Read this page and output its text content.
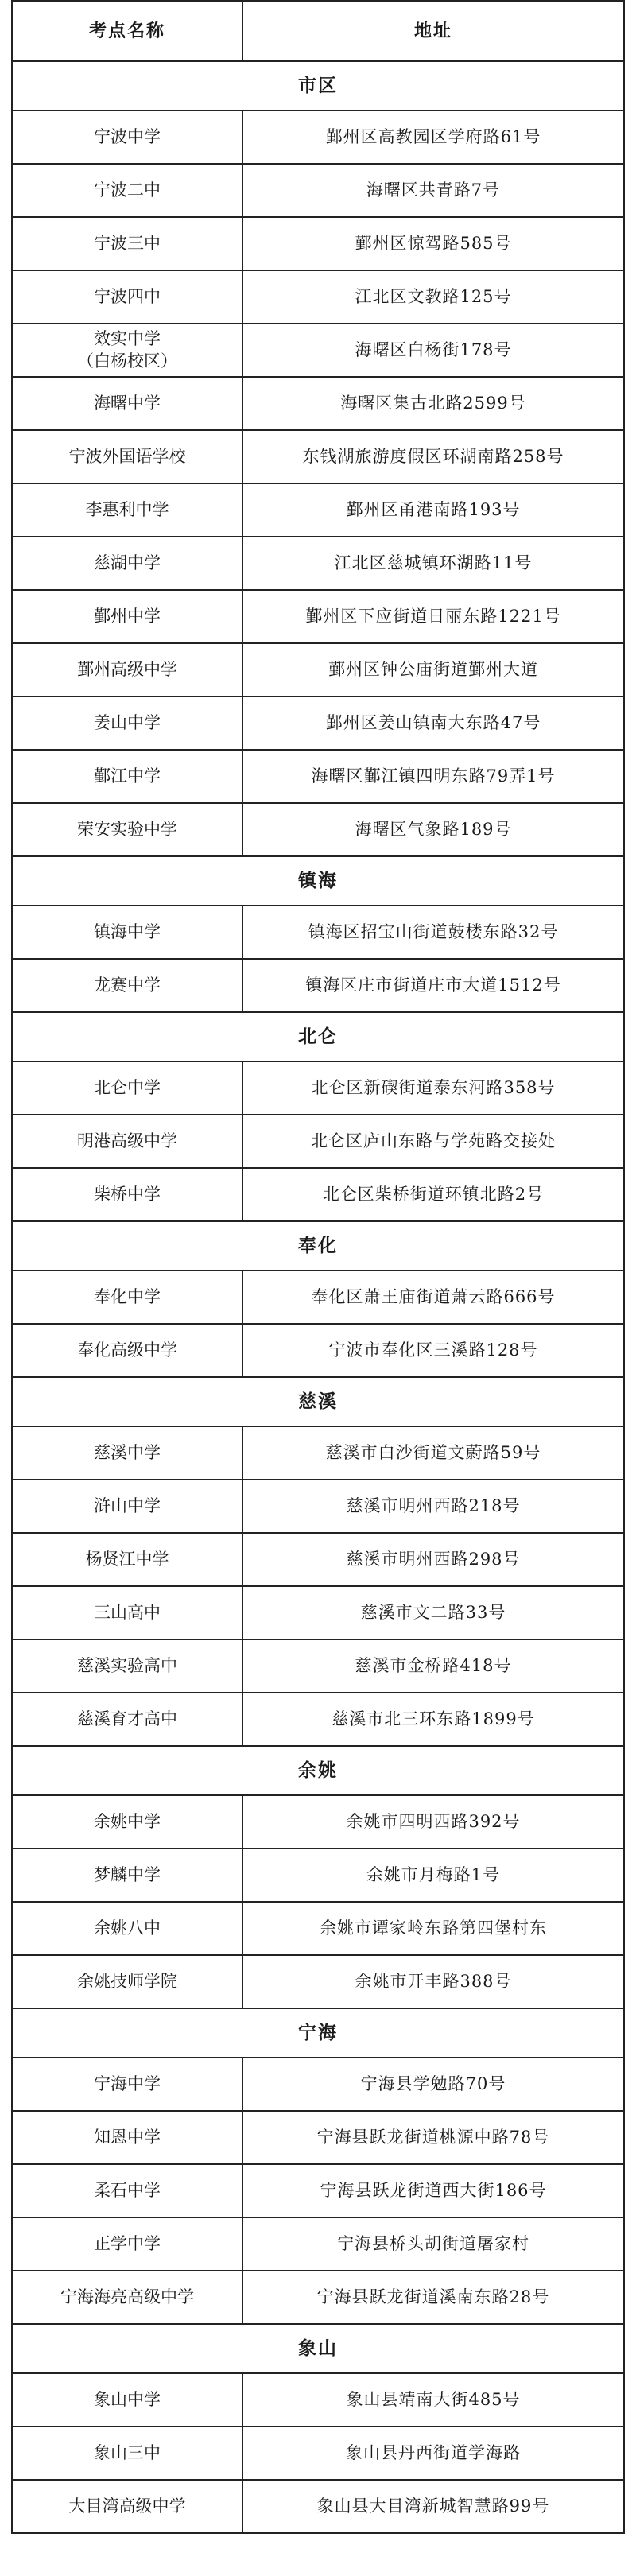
考点名称	地址
市区	

宁波中学	鄞州区高教园区学府路61号

宁波二中	海曙区共青路7号

宁波三中	鄞州区惊驾路585号

宁波四中	江北区文教路125号

效实中学
（白杨校区）	海曙区白杨街178号

海曙中学	海曙区集古北路2599号

宁波外国语学校	东钱湖旅游度假区环湖南路258号

李惠利中学	鄞州区甬港南路193号

慈湖中学	江北区慈城镇环湖路11号

鄞州中学	鄞州区下应街道日丽东路1221号

鄞州高级中学	鄞州区钟公庙街道鄞州大道

姜山中学	鄞州区姜山镇南大东路47号

鄞江中学	海曙区鄞江镇四明东路79弄1号

荣安实验中学	海曙区气象路189号
镇海	

镇海中学	镇海区招宝山街道鼓楼东路32号

龙赛中学	镇海区庄市街道庄市大道1512号
北仑	

北仑中学	北仑区新碶街道泰东河路358号

明港高级中学	北仑区庐山东路与学苑路交接处

柴桥中学	北仑区柴桥街道环镇北路2号
奉化	

奉化中学	奉化区萧王庙街道萧云路666号

奉化高级中学	宁波市奉化区三溪路128号
慈溪	

慈溪中学	慈溪市白沙街道文蔚路59号

浒山中学	慈溪市明州西路218号

杨贤江中学	慈溪市明州西路298号

三山高中	慈溪市文二路33号

慈溪实验高中	慈溪市金桥路418号

慈溪育才高中	慈溪市北三环东路1899号
余姚	

余姚中学	余姚市四明西路392号

梦麟中学	余姚市月梅路1号

余姚八中	余姚市谭家岭东路第四堡村东

余姚技师学院	余姚市开丰路388号
宁海	

宁海中学	宁海县学勉路70号

知恩中学	宁海县跃龙街道桃源中路78号

柔石中学	宁海县跃龙街道西大街186号

正学中学	宁海县桥头胡街道屠家村

宁海海亮高级中学	宁海县跃龙街道溪南东路28号
象山	

象山中学	象山县靖南大街485号

象山三中	象山县丹西街道学海路

大目湾高级中学	象山县大目湾新城智慧路99号
